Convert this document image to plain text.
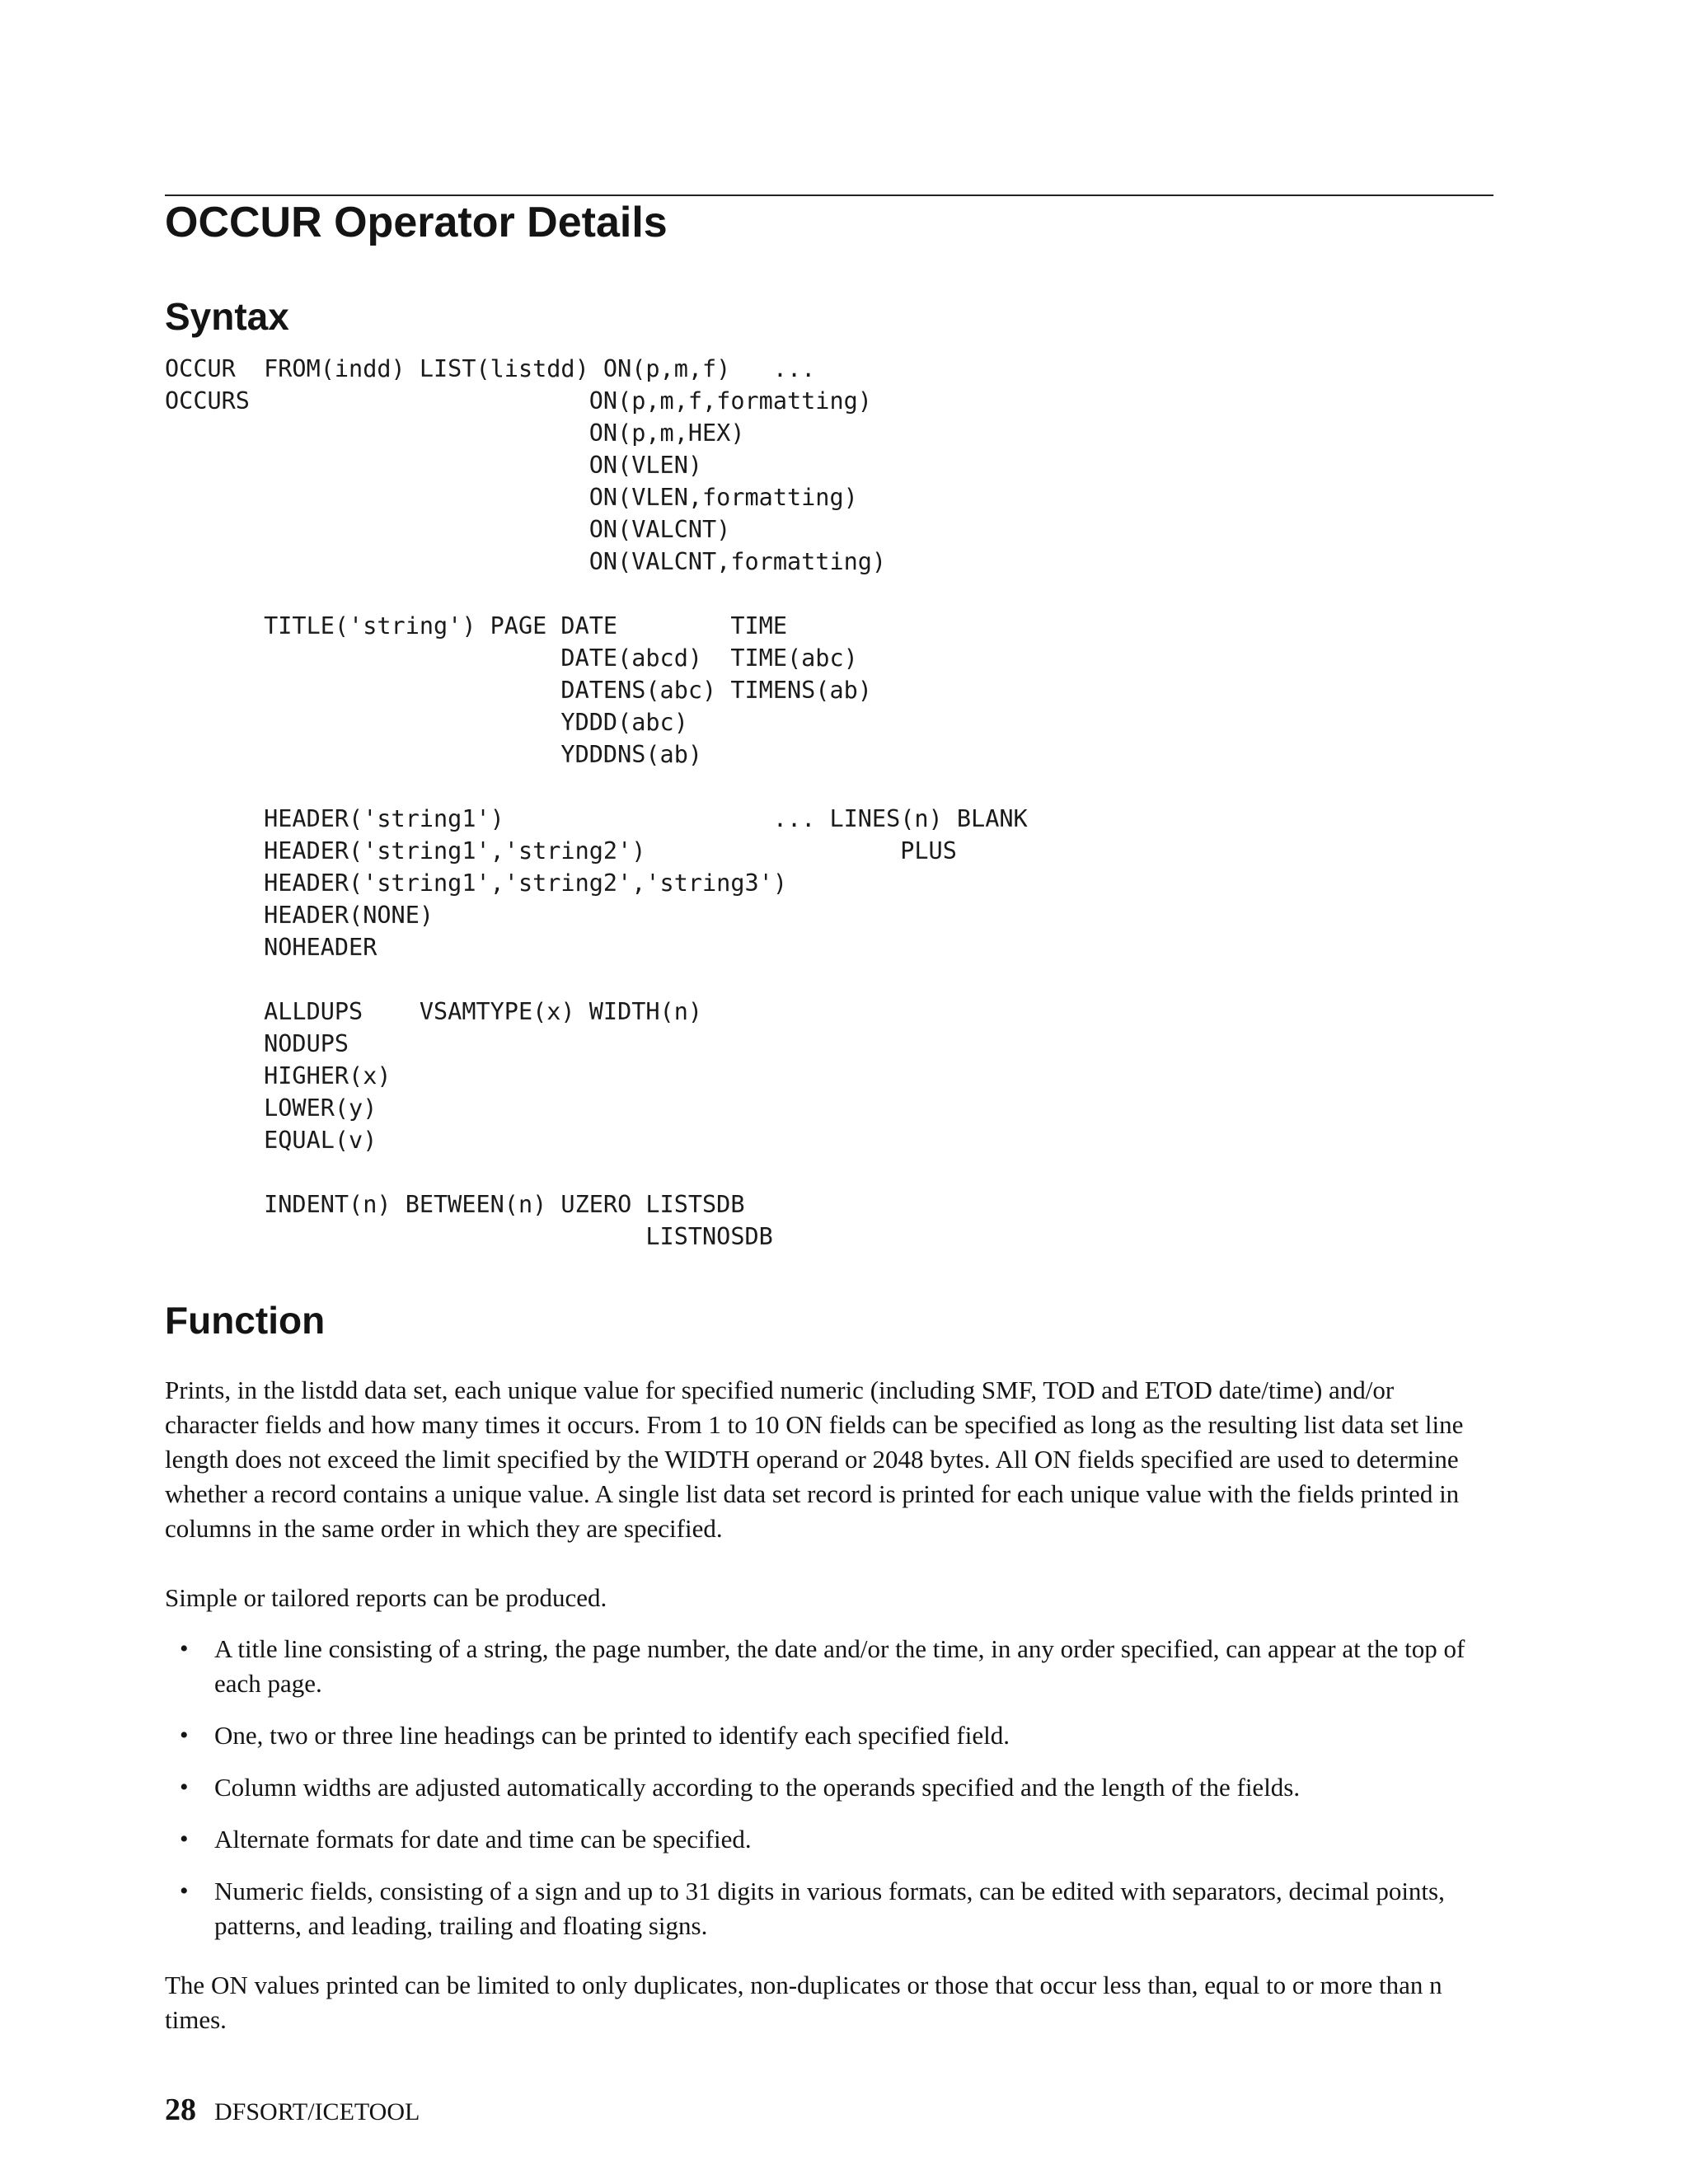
OCCUR Operator Details
Syntax
OCCUR  FROM(indd) LIST(listdd) ON(p,m,f)   ...
OCCURS                        ON(p,m,f,formatting)
ON(p,m,HEX)
ON(VLEN)
ON(VLEN,formatting)
ON(VALCNT)
ON(VALCNT,formatting)

TITLE('string') PAGE DATE        TIME
DATE(abcd)  TIME(abc)
DATENS(abc) TIMENS(ab)
YDDD(abc)
YDDDNS(ab)

HEADER('string1')                   ... LINES(n) BLANK
HEADER('string1','string2')                  PLUS
HEADER('string1','string2','string3')
HEADER(NONE)
NOHEADER

ALLDUPS    VSAMTYPE(x) WIDTH(n)
NODUPS
HIGHER(x)
LOWER(y)
EQUAL(v)

INDENT(n) BETWEEN(n) UZERO LISTSDB
LISTNOSDB
Function

Prints, in the listdd data set, each unique value for specified numeric (including SMF, TOD and ETOD date/time) and/or character fields and how many times it occurs. From 1 to 10 ON fields can be specified as long as the resulting list data set line length does not exceed the limit specified by the WIDTH operand or 2048 bytes. All ON fields specified are used to determine whether a record contains a unique value. A single list data set record is printed for each unique value with the fields printed in columns in the same order in which they are specified.

Simple or tailored reports can be produced.

• A title line consisting of a string, the page number, the date and/or the time, in any order specified, can appear at the top of each page.
• One, two or three line headings can be printed to identify each specified field.
• Column widths are adjusted automatically according to the operands specified and the length of the fields.
• Alternate formats for date and time can be specified.
• Numeric fields, consisting of a sign and up to 31 digits in various formats, can be edited with separators, decimal points, patterns, and leading, trailing and floating signs.

The ON values printed can be limited to only duplicates, non-duplicates or those that occur less than, equal to or more than n times.

28 DFSORT/ICETOOL
